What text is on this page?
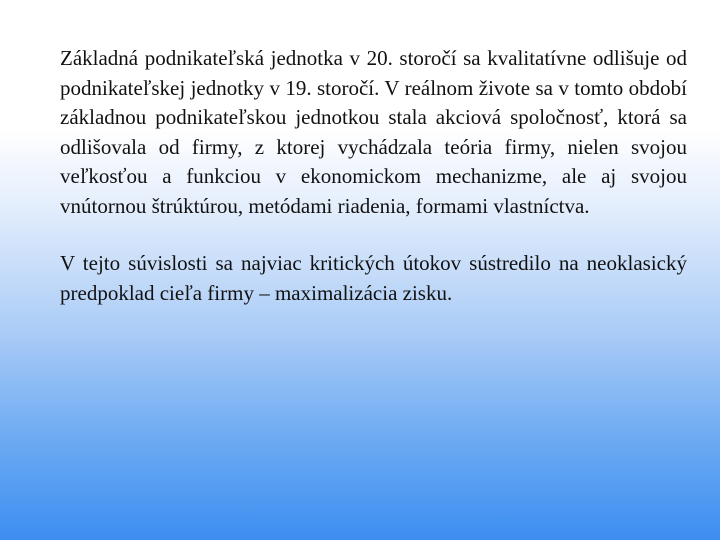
Základná podnikateľská jednotka v 20. storočí sa kvalitatívne odlišuje od podnikateľskej jednotky v 19. storočí. V reálnom živote sa v tomto období základnou podnikateľskou jednotkou stala akciová spoločnosť, ktorá sa odlišovala od firmy, z ktorej vychádzala teória firmy, nielen svojou veľkosťou a funkciou v ekonomickom mechanizme, ale aj svojou vnútornou štrúktúrou, metódami riadenia, formami vlastníctva.

V tejto súvislosti sa najviac kritických útokov sústredilo na neoklasický predpoklad cieľa firmy – maximalizácia zisku.
